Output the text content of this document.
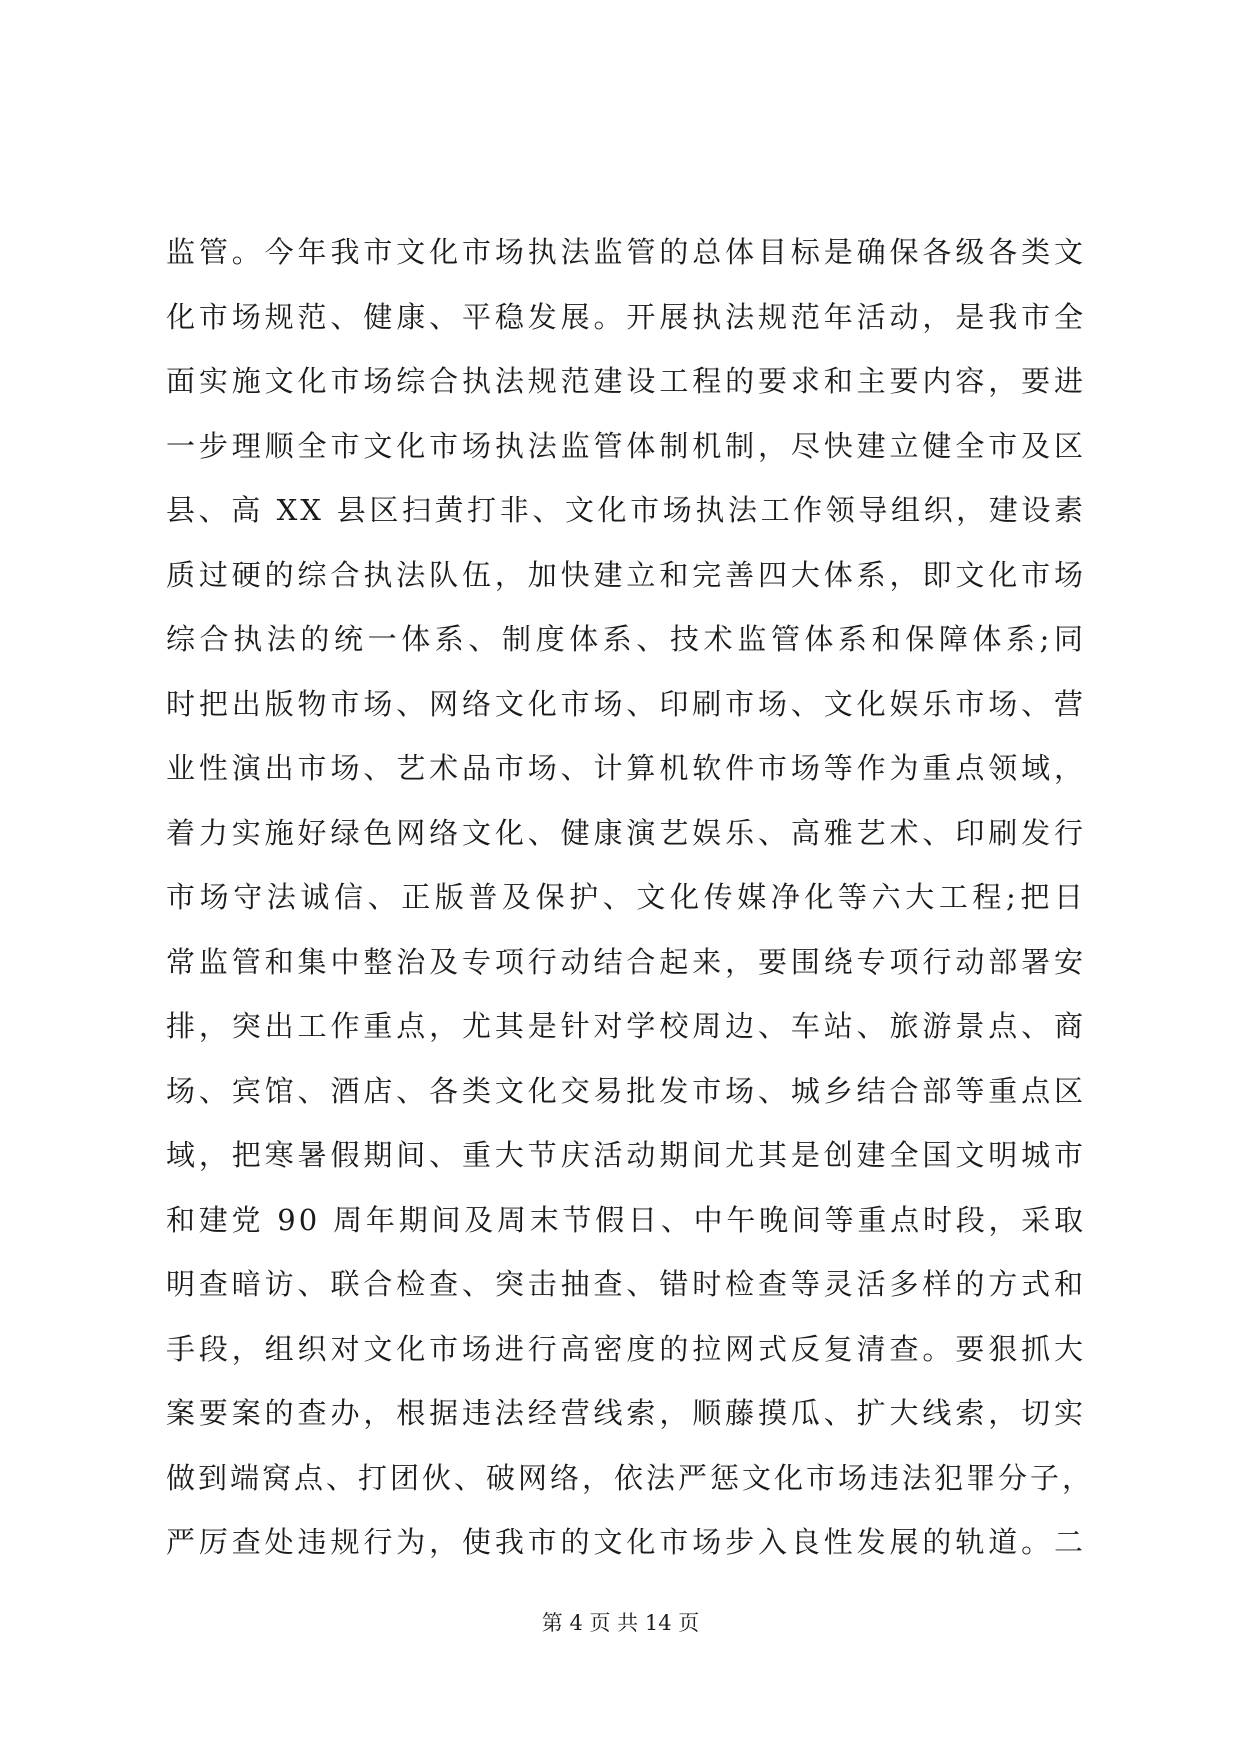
监管。今年我市文化市场执法监管的总体目标是确保各级各类文
化市场规范、健康、平稳发展。开展执法规范年活动，是我市全
面实施文化市场综合执法规范建设工程的要求和主要内容，要进
一步理顺全市文化市场执法监管体制机制，尽快建立健全市及区
县、高 XX 县区扫黄打非、文化市场执法工作领导组织，建设素
质过硬的综合执法队伍，加快建立和完善四大体系，即文化市场
综合执法的统一体系、制度体系、技术监管体系和保障体系;同
时把出版物市场、网络文化市场、印刷市场、文化娱乐市场、营
业性演出市场、艺术品市场、计算机软件市场等作为重点领域，
着力实施好绿色网络文化、健康演艺娱乐、高雅艺术、印刷发行
市场守法诚信、正版普及保护、文化传媒净化等六大工程;把日
常监管和集中整治及专项行动结合起来，要围绕专项行动部署安
排，突出工作重点，尤其是针对学校周边、车站、旅游景点、商
场、宾馆、酒店、各类文化交易批发市场、城乡结合部等重点区
域，把寒暑假期间、重大节庆活动期间尤其是创建全国文明城市
和建党 90 周年期间及周末节假日、中午晚间等重点时段，采取
明查暗访、联合检查、突击抽查、错时检查等灵活多样的方式和
手段，组织对文化市场进行高密度的拉网式反复清查。要狠抓大
案要案的查办，根据违法经营线索，顺藤摸瓜、扩大线索，切实
做到端窝点、打团伙、破网络，依法严惩文化市场违法犯罪分子，
严厉查处违规行为，使我市的文化市场步入良性发展的轨道。二
第 4 页 共 14 页
